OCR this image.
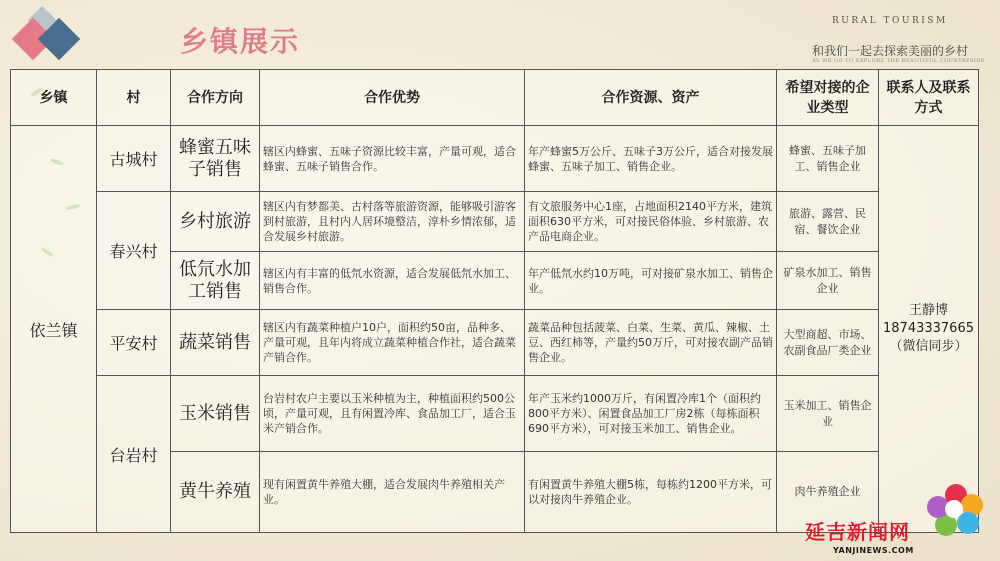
乡镇展示
RURAL TOURISM
和我们一起去探索美丽的乡村
AS WE GO TO EXPLORE THE BEAUTIFUL COUNTRYSIDE
乡镇	村	合作方向	合作优势	合作资源、资产	希望对接的企业类型	联系人及联系方式
依兰镇	古城村	蜂蜜五味子销售	辖区内蜂蜜、五味子资源比较丰富，产量可观，适合蜂蜜、五味子销售合作。	年产蜂蜜5万公斤、五味子3万公斤，适合对接发展蜂蜜、五味子加工、销售企业。	蜂蜜、五味子加工、销售企业	王静博
18743337665
（微信同步）

	春兴村	乡村旅游	辖区内有梦都美、古村落等旅游资源，能够吸引游客到村旅游，且村内人居环境整洁，淳朴乡情浓郁，适合发展乡村旅游。	有文旅服务中心1座，占地面积2140平方米，建筑面积630平方米，可对接民俗体验、乡村旅游、农产品电商企业。	旅游、露营、民宿、餐饮企业	
		低氘水加工销售	辖区内有丰富的低氘水资源，适合发展低氘水加工、销售合作。	年产低氘水约10万吨，可对接矿泉水加工、销售企业。	矿泉水加工、销售企业	
	平安村	蔬菜销售	辖区内有蔬菜种植户10户，面积约50亩，品种多、产量可观，且年内将成立蔬菜种植合作社，适合蔬菜产销合作。	蔬菜品种包括菠菜、白菜、生菜、黄瓜、辣椒、土豆、西红柿等，产量约50万斤，可对接农副产品销售企业。	大型商超、市场、农副食品厂类企业	
	台岩村	玉米销售	台岩村农户主要以玉米种植为主，种植面积约500公顷，产量可观，且有闲置冷库、食品加工厂，适合玉米产销合作。	年产玉米约1000万斤，有闲置冷库1个（面积约800平方米）、闲置食品加工厂房2栋（每栋面积690平方米），可对接玉米加工、销售企业。	玉米加工、销售企业	
		黄牛养殖	现有闲置黄牛养殖大棚，适合发展肉牛养殖相关产业。	有闲置黄牛养殖大棚5栋，每栋约1200平方米，可以对接肉牛养殖企业。	肉牛养殖企业	
延吉新闻网
YANJINEWS.COM
